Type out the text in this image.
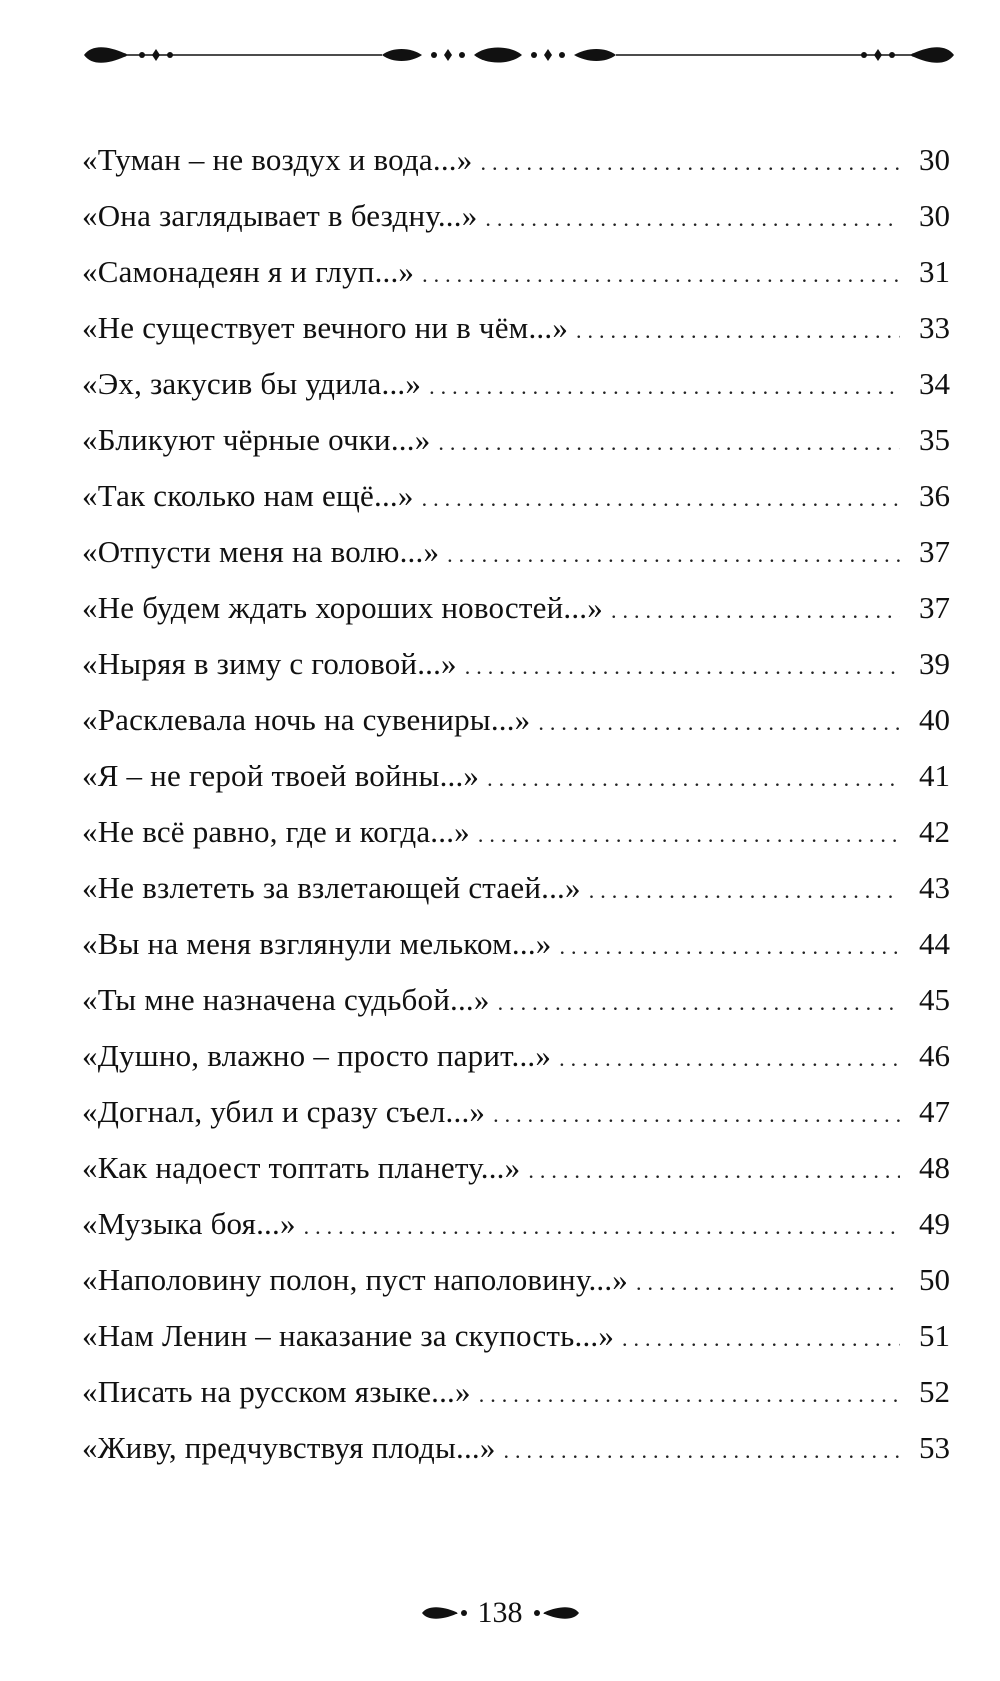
«Туман – не воздух и вода...» .....	30
«Она заглядывает в бездну...» .....	30
«Самонадеян я и глуп...» .....	31
«Не существует вечного ни в чём...» .....	33
«Эх, закусив бы удила...» .....	34
«Бликуют чёрные очки...» .....	35
«Так сколько нам ещё...» .....	36
«Отпусти меня на волю...» .....	37
«Не будем ждать хороших новостей...» .....	37
«Ныряя в зиму с головой...» .....	39
«Расклевала ночь на сувениры...» .....	40
«Я – не герой твоей войны...» .....	41
«Не всё равно, где и когда...» .....	42
«Не взлететь за взлетающей стаей...» .....	43
«Вы на меня взглянули мельком...» .....	44
«Ты мне назначена судьбой...» .....	45
«Душно, влажно – просто парит...» .....	46
«Догнал, убил и сразу съел...» .....	47
«Как надоест топтать планету...» .....	48
«Музыка боя...» .....	49
«Наполовину полон, пуст наполовину...» .....	50
«Нам Ленин – наказание за скупость...» .....	51
«Писать на русском языке...» .....	52
«Живу, предчувствуя плоды...» .....	53
138
